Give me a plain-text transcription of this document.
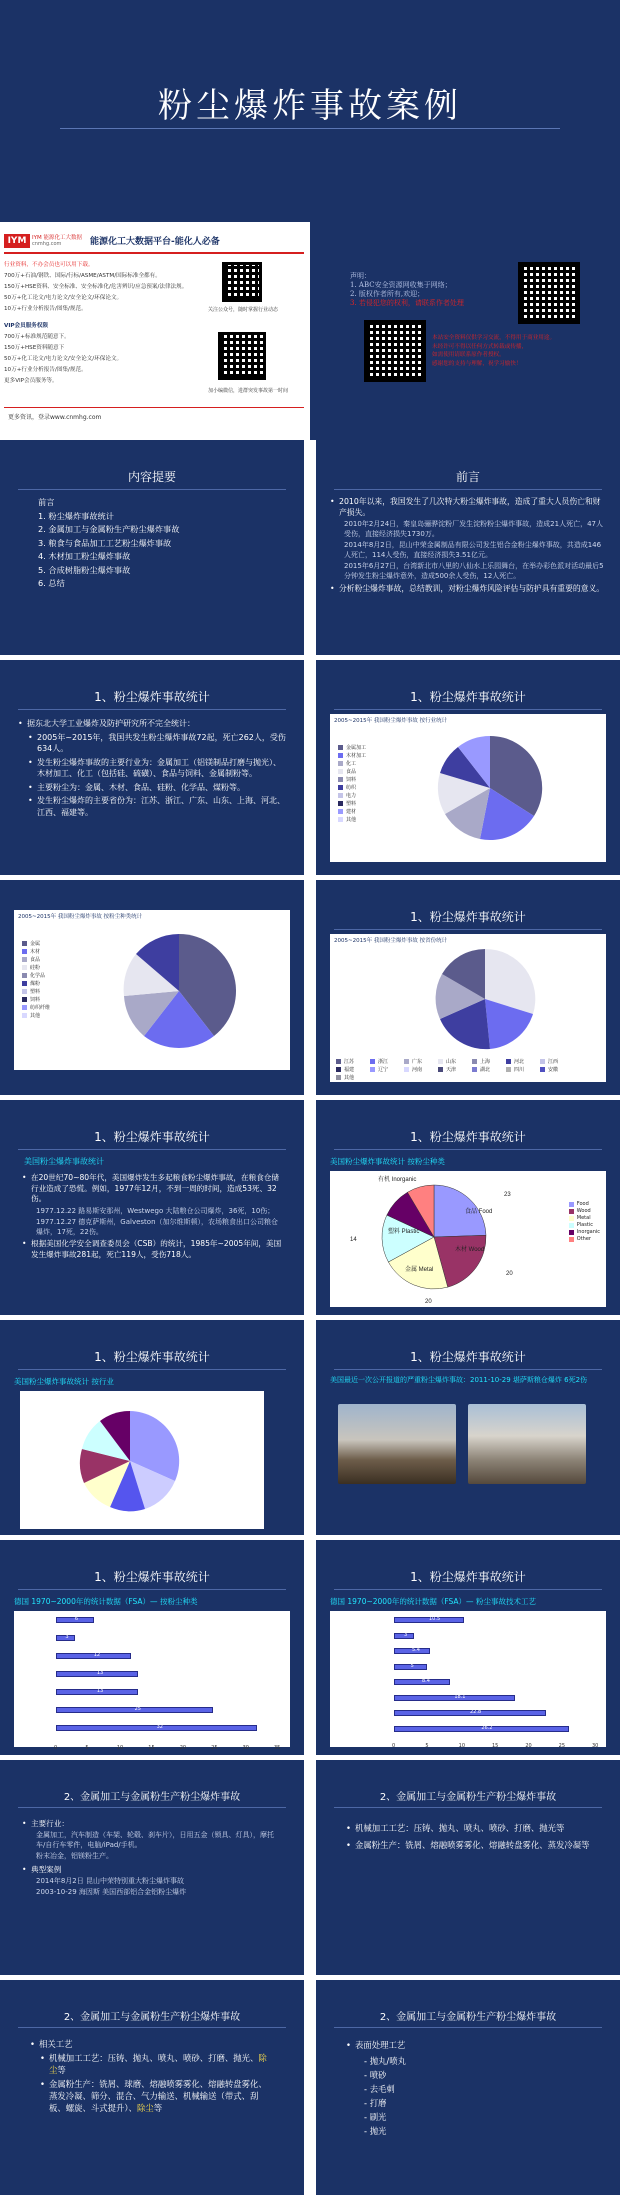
粉尘爆炸事故案例
IYM	IYM 能源化工大数据
cnmhg.com	能源化工大数据平台-能化人必备
行业资料，不办会员也可以用下载。
700万+石油/钢铁、国际/行标/ASME/ASTM/国际标准全都有。
150万+HSE资料、安全标准、安全标准化/危害辨识/应急预案/法律法规。
50万+化工论文/电力论文/安全论文/环保论文。
10万+行业分析报告/图集/规范。
VIP会员服务权限
700万+标准规范随意下。
150万+HSE资料随意下
50万+化工论文/电力论文/安全论文/环保论文。
10万+行业分析报告/图集/规范。
更多VIP会员服务等。
更多资讯，登录www.cnmhg.com
关注公众号，随时掌握行业动态
加小编微信，进群突发事故第一时间
声明：
1. ABC安全资源网收集于网络；
2. 版权作者所有,欢迎；
3. 若侵犯您的权利，请联系作者处理
本站安全资料仅供学习交流，不得用于商业用途。
未经许可不得以任何方式转载或传播，
如需使用请联系原作者授权。
感谢您的支持与理解，祝学习愉快！
内容提要
前言
1. 粉尘爆炸事故统计
2. 金属加工与金属粉生产粉尘爆炸事故
3. 粮食与食品加工工艺粉尘爆炸事故
4. 木材加工粉尘爆炸事故
5. 合成树脂粉尘爆炸事故
6. 总结
前言
• 2010年以来，我国发生了几次特大粉尘爆炸事故，造成了重大人员伤亡和财产损失。
2010年2月24日，秦皇岛骊骅淀粉厂发生淀粉粉尘爆炸事故，造成21人死亡，47人受伤，直接经济损失1730万。
2014年8月2日，昆山中荣金属制品有限公司发生铝合金粉尘爆炸事故，共造成146人死亡，114人受伤，直接经济损失3.51亿元。
2015年6月27日，台湾新北市八里的八仙水上乐园舞台，在举办彩色派对活动最后5分钟发生粉尘爆炸意外，造成500余人受伤，12人死亡。
• 分析粉尘爆炸事故，总结教训，对粉尘爆炸风险评估与防护具有重要的意义。
1、粉尘爆炸事故统计
• 据东北大学工业爆炸及防护研究所不完全统计：
• 2005年~2015年，我国共发生粉尘爆炸事故72起，死亡262人，受伤634人。
• 发生粉尘爆炸事故的主要行业为：金属加工（铝镁制品打磨与抛光）、木材加工、化工（包括硅、硫磺）、食品与饲料、金属制粉等。
• 主要粉尘为：金属、木材、食品、硅粉、化学品、煤粉等。
• 发生粉尘爆炸的主要省份为：江苏、浙江、广东、山东、上海、河北、江西、福建等。
1、粉尘爆炸事故统计
2005~2015年 我国粉尘爆炸事故 按行业统计
金属加工
木材加工
化工
食品
饲料
纺织
电力
塑料
建材
其他
2005~2015年 我国粉尘爆炸事故 按粉尘种类统计
金属
木材
食品
硅粉
化学品
煤粉
塑料
饲料
纺织纤维
其他
1、粉尘爆炸事故统计
2005~2015年 我国粉尘爆炸事故 按省份统计
江苏	浙江	广东	山东	上海	河北	江西
福建	辽宁	河南	天津	湖北	四川	安徽
其他
1、粉尘爆炸事故统计
美国粉尘爆炸事故统计
• 在20世纪70~80年代，美国爆炸发生多起粮食粉尘爆炸事故，在粮食仓储行业造成了恐慌。例如，1977年12月，不到一周的时间，造成53死、32伤。
1977.12.22 路易斯安那州，Westwego 大陆粮仓公司爆炸，36死，10伤；
1977.12.27 德克萨斯州，Galveston（加尔维斯顿），农场粮食出口公司粮仓爆炸，17死，22伤。
• 根据美国化学安全调查委员会（CSB）的统计，1985年~2005年间，美国发生爆炸事故281起，死亡119人，受伤718人。
1、粉尘爆炸事故统计
美国粉尘爆炸事故统计 按粉尘种类
有机 Inorganic
食品 Food
木材 Wood
金属 Metal
塑料 Plastic
23
20
20
14
Food
Wood
Metal
Plastic
Inorganic
Other
1、粉尘爆炸事故统计
美国粉尘爆炸事故统计 按行业
1、粉尘爆炸事故统计
美国最近一次公开报道的严重粉尘爆炸事故：2011-10-29 堪萨斯粮仓爆炸 6死2伤
1、粉尘爆炸事故统计
德国 1970~2000年的统计数据（FSA）— 按粉尘种类
其它 Miscellaneous
纸 Paper
煤炭 Coal/Peat
金属 Metals
塑料 Plastics
食品和饲料 Food & Feed
木材 Wood
6
3
12
13
13
25
32
0	5	10	15	20	25	30	35
1、粉尘爆炸事故统计
德国 1970~2000年的统计数据（FSA）— 粉尘事故技术工艺
其它 Miscellaneous
加热炉 Furnaces
烟尘设备 Sieving Units
干燥设备 Driers
除尘器 Filters
粉碎设备 Grinding Units
料仓 Silos/Bunkers
斗式提升机 Elevators
10.5
3
5.4
5
8.4
18.1
22.8
26.2
0	5	10	15	20	25	30
2、金属加工与金属粉生产粉尘爆炸事故
• 主要行业：
金属加工，汽车制造（车架、轮毂、刹车片），日用五金（锁具、灯具），摩托车/自行车零件，电脑/iPad/手机。
粉末冶金，铝镁粉生产。
• 典型案例
2014年8月2日 昆山中荣特别重大粉尘爆炸事故
2003-10-29 海因斯 美国西部铝合金铝粉尘爆炸
2、金属加工与金属粉生产粉尘爆炸事故
• 机械加工工艺：压铸、抛丸、喷丸、喷砂、打磨、抛光等
• 金属粉生产：铣屑、熔融喷雾雾化、熔融转盘雾化、蒸发冷凝等
2、金属加工与金属粉生产粉尘爆炸事故
• 相关工艺
• 机械加工工艺：压铸、抛丸、喷丸、喷砂、打磨、抛光、除尘等
• 金属粉生产：铣屑、球磨、熔融喷雾雾化、熔融转盘雾化、蒸发冷凝、筛分、混合、气力输送、机械输送（带式、刮板、螺旋、斗式提升）、除尘等
2、金属加工与金属粉生产粉尘爆炸事故
• 表面处理工艺
- 抛丸/喷丸
- 喷砂
- 去毛刺
- 打磨
- 刷光
- 抛光
